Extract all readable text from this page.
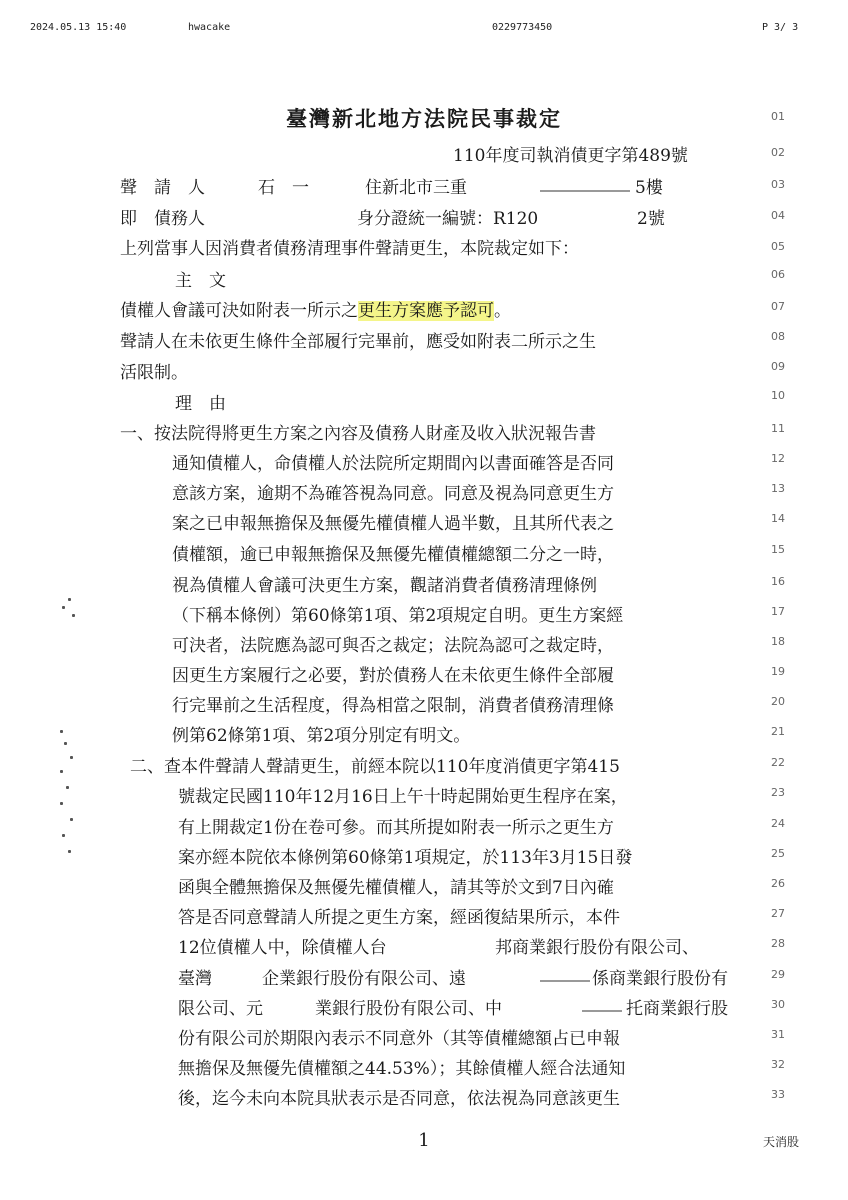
2024.05.13 15:40	hwacake	0229773450	P 3/ 3
臺灣新北地方法院民事裁定	01
02
03
04
05
06
07
08
09
10
11
12
13
14
15
16
17
18
19
20
21
22
23
24
25
26
27
28
29
30
31
32
33
110年度司執消債更字第489號
聲　請　人	石　一	住新北市三重	5樓
即　債務人	身分證統一編號：R120	2號
上列當事人因消費者債務清理事件聲請更生，本院裁定如下：
主　文
債權人會議可決如附表一所示之更生方案應予認可。
聲請人在未依更生條件全部履行完畢前，應受如附表二所示之生
活限制。
理　由
一、按法院得將更生方案之內容及債務人財產及收入狀況報告書
通知債權人，命債權人於法院所定期間內以書面確答是否同
意該方案，逾期不為確答視為同意。同意及視為同意更生方
案之已申報無擔保及無優先權債權人過半數，且其所代表之
債權額，逾已申報無擔保及無優先權債權總額二分之一時，
視為債權人會議可決更生方案，觀諸消費者債務清理條例
（下稱本條例）第60條第1項、第2項規定自明。更生方案經
可決者，法院應為認可與否之裁定；法院為認可之裁定時，
因更生方案履行之必要，對於債務人在未依更生條件全部履
行完畢前之生活程度，得為相當之限制，消費者債務清理條
例第62條第1項、第2項分別定有明文。
二、查本件聲請人聲請更生，前經本院以110年度消債更字第415
號裁定民國110年12月16日上午十時起開始更生程序在案，
有上開裁定1份在卷可參。而其所提如附表一所示之更生方
案亦經本院依本條例第60條第1項規定，於113年3月15日發
函與全體無擔保及無優先權債權人，請其等於文到7日內確
答是否同意聲請人所提之更生方案，經函復結果所示，本件
12位債權人中，除債權人台	邦商業銀行股份有限公司、
臺灣	企業銀行股份有限公司、遠	係商業銀行股份有
限公司、元	業銀行股份有限公司、中	托商業銀行股
份有限公司於期限內表示不同意外（其等債權總額占已申報
無擔保及無優先債權額之44.53%）；其餘債權人經合法通知
後，迄今未向本院具狀表示是否同意，依法視為同意該更生
1	天消股
